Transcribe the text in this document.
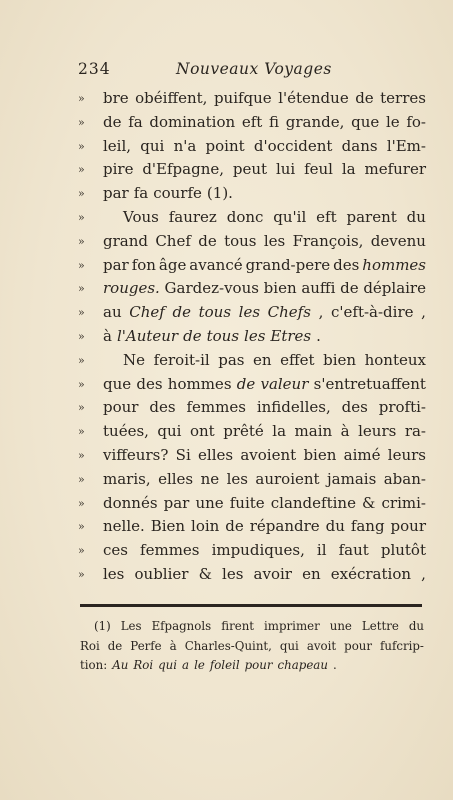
234	Nouveaux Voyages
» bre obéiffent, puifque l'étendue de terres
» de fa domination eft fi grande, que le fo-
» leil, qui n'a point d'occident dans l'Em-
» pire d'Efpagne, peut lui feul la mefurer
» par fa courfe (1).
»	Vous faurez donc qu'il eft parent du
» grand Chef de tous les François, devenu
» par fon âge avancé grand-pere des hommes
» rouges. Gardez-vous bien auffi de déplaire
» au Chef de tous les Chefs , c'eft-à-dire ,
» à l'Auteur de tous les Etres .
»	Ne feroit-il pas en effet bien honteux
» que des hommes de valeur s'entretuaffent
» pour des femmes infidelles, des profti-
» tuées, qui ont prêté la main à leurs ra-
» viffeurs? Si elles avoient bien aimé leurs
» maris, elles ne les auroient jamais aban-
» donnés par une fuite clandeftine & crimi-
» nelle. Bien loin de répandre du fang pour
» ces femmes impudiques, il faut plutôt
» les oublier & les avoir en exécration ,
(1) Les Efpagnols firent imprimer une Lettre du
Roi de Perfe à Charles-Quint, qui avoit pour fufcrip-
tion: Au Roi qui a le foleil pour chapeau .
